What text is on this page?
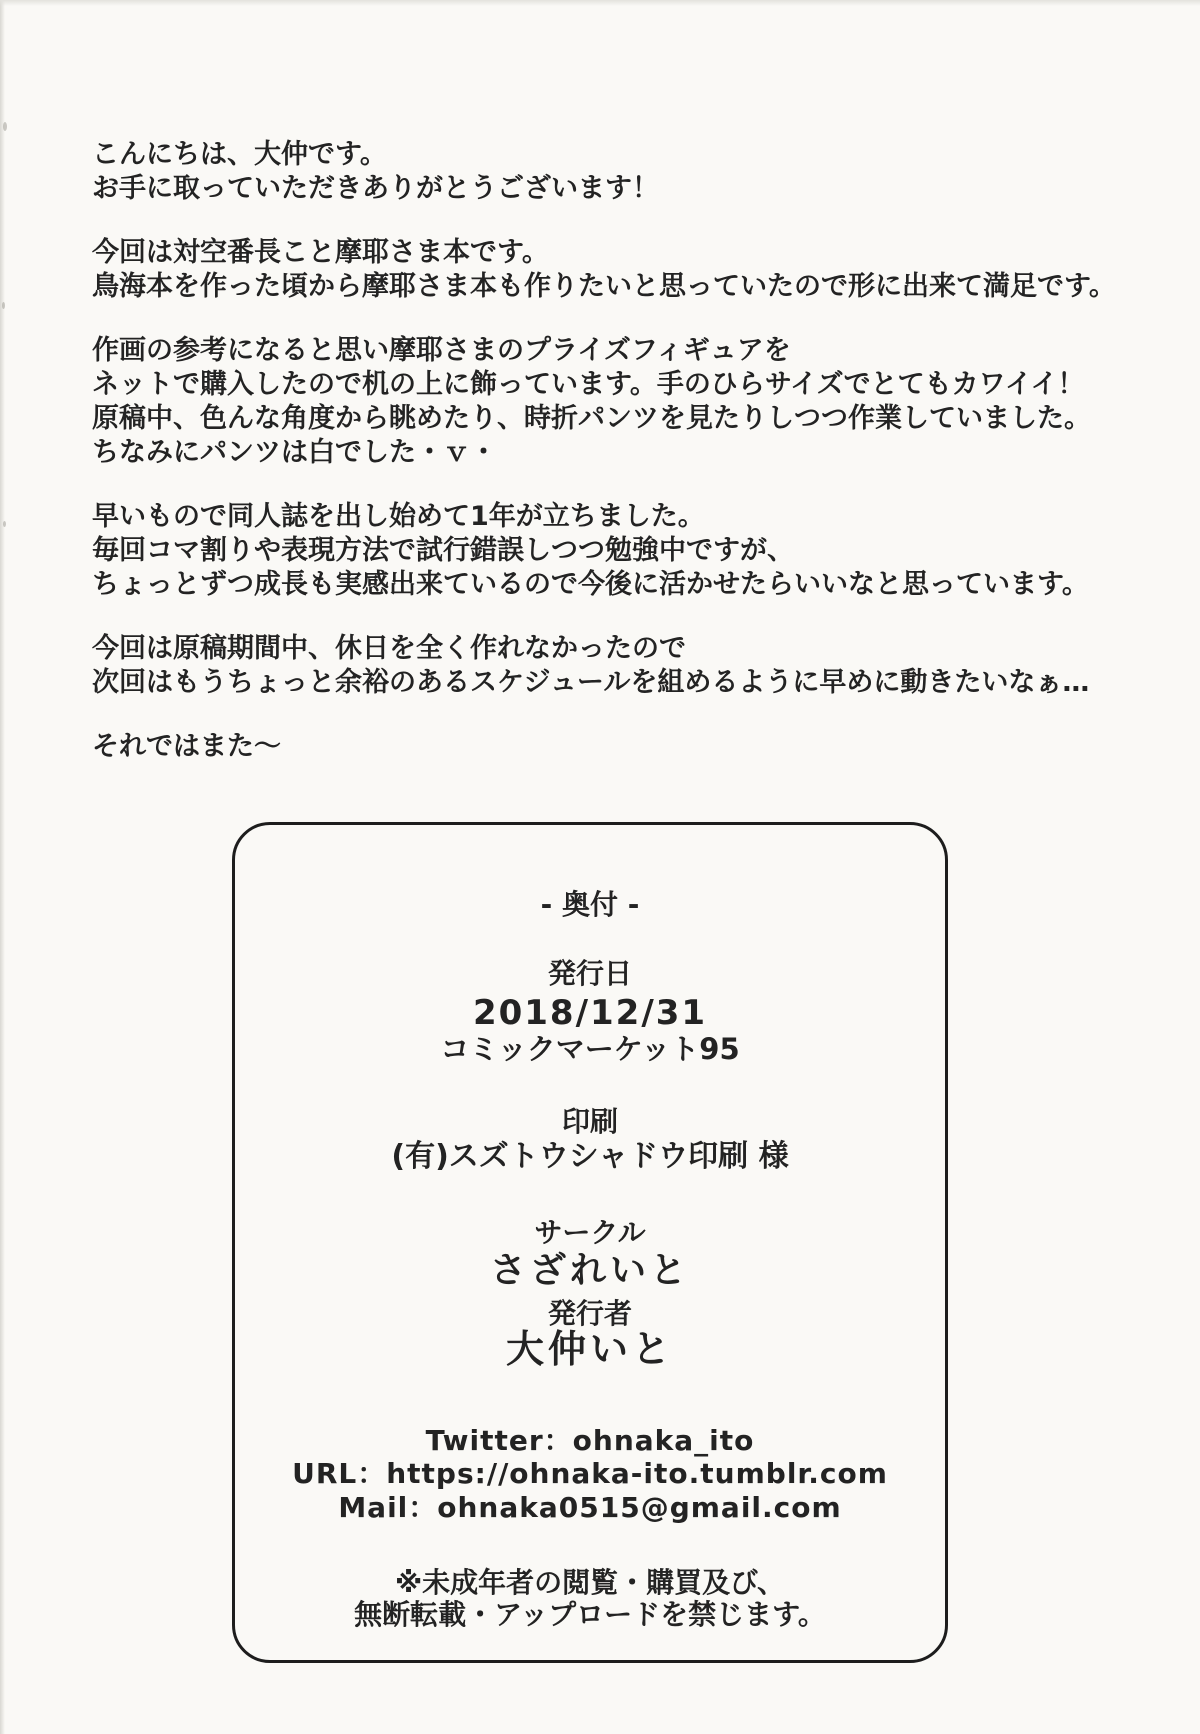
こんにちは、大仲です。
お手に取っていただきありがとうございます！

今回は対空番長こと摩耶さま本です。
鳥海本を作った頃から摩耶さま本も作りたいと思っていたので形に出来て満足です。

作画の参考になると思い摩耶さまのプライズフィギュアを
ネットで購入したので机の上に飾っています。手のひらサイズでとてもカワイイ！
原稿中、色んな角度から眺めたり、時折パンツを見たりしつつ作業していました。
ちなみにパンツは白でした・ｖ・

早いもので同人誌を出し始めて1年が立ちました。
毎回コマ割りや表現方法で試行錯誤しつつ勉強中ですが、
ちょっとずつ成長も実感出来ているので今後に活かせたらいいなと思っています。

今回は原稿期間中、休日を全く作れなかったので
次回はもうちょっと余裕のあるスケジュールを組めるように早めに動きたいなぁ…

それではまた～

- 奥付 -
発行日
2018/12/31
コミックマーケット95
印刷
(有)スズトウシャドウ印刷 様
サークル
さざれいと
発行者
大仲いと
Twitter：ohnaka_ito
URL：https://ohnaka-ito.tumblr.com
Mail：ohnaka0515@gmail.com
※未成年者の閲覧・購買及び、
無断転載・アップロードを禁じます。
